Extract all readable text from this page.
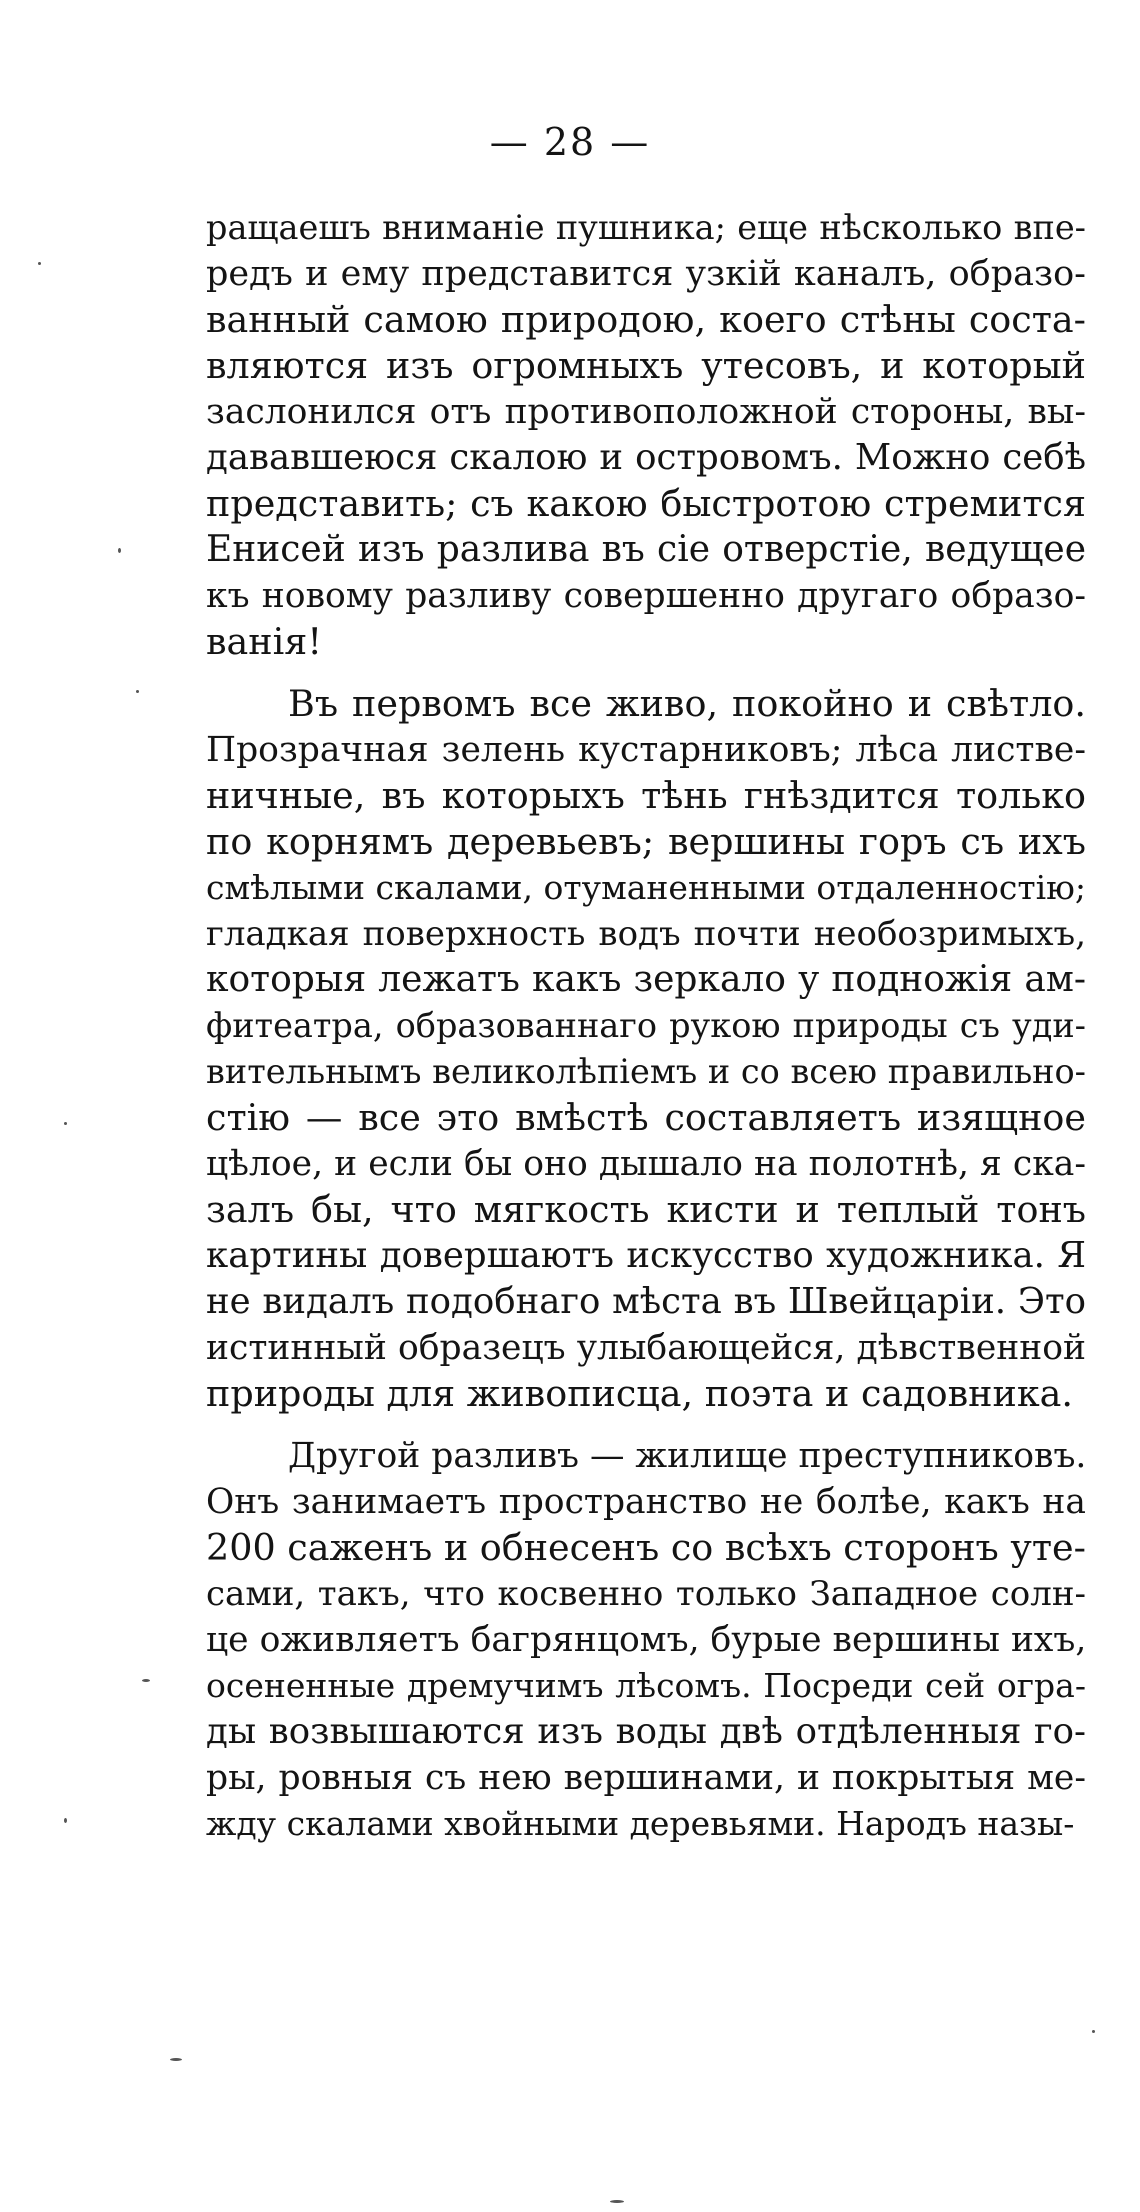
— 28 —
ращаешъ вниманіе пушника; еще нѣсколько впе-
редъ и ему представится узкій каналъ, образо-
ванный самою природою, коего стѣны соста-
вляются изъ огромныхъ утесовъ, и который
заслонился отъ противоположной стороны, вы-
дававшеюся скалою и островомъ. Можно себѣ
представить; съ какою быстротою стремится
Енисей изъ разлива въ сіе отверстіе, ведущее
къ новому разливу совершенно другаго образо-
ванія!
Въ первомъ все живо, покойно и свѣтло.
Прозрачная зелень кустарниковъ; лѣса листве-
ничные, въ которыхъ тѣнь гнѣздится только
по корнямъ деревьевъ; вершины горъ съ ихъ
смѣлыми скалами, отуманенными отдаленностію;
гладкая поверхность водъ почти необозримыхъ,
которыя лежатъ какъ зеркало у подножія ам-
фитеатра, образованнаго рукою природы съ уди-
вительнымъ великолѣпіемъ и со всею правильно-
стію — все это вмѣстѣ составляетъ изящное
цѣлое, и если бы оно дышало на полотнѣ, я ска-
залъ бы, что мягкость кисти и теплый тонъ
картины довершаютъ искусство художника. Я
не видалъ подобнаго мѣста въ Швейцаріи. Это
истинный образецъ улыбающейся, дѣвственной
природы для живописца, поэта и садовника.
Другой разливъ — жилище преступниковъ.
Онъ занимаетъ пространство не болѣе, какъ на
200 саженъ и обнесенъ со всѣхъ сторонъ уте-
сами, такъ, что косвенно только Западное солн-
це оживляетъ багрянцомъ, бурые вершины ихъ,
осененные дремучимъ лѣсомъ. Посреди сей огра-
ды возвышаются изъ воды двѣ отдѣленныя го-
ры, ровныя съ нею вершинами, и покрытыя ме-
жду скалами хвойными деревьями. Народъ назы-
